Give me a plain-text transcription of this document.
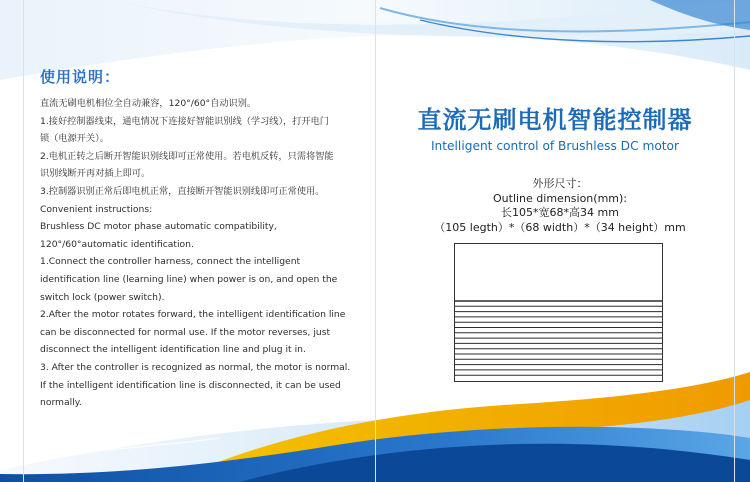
使用说明：
直流无刷电机相位全自动兼容，120°/60°自动识别。
1.接好控制器线束，通电情况下连接好智能识别线（学习线），打开电门
锁（电源开关）。
2.电机正转之后断开智能识别线即可正常使用。若电机反转，只需将智能
识别线断开再对插上即可。
3.控制器识别正常后即电机正常，直接断开智能识别线即可正常使用。
Convenient instructions:
Brushless DC motor phase automatic compatibility,
120°/60°automatic identification.
1.Connect the controller harness, connect the intelligent
identification line (learning line) when power is on, and open the
switch lock (power switch).
2.After the motor rotates forward, the intelligent identification line
can be disconnected for normal use. If the motor reverses, just
disconnect the intelligent identification line and plug it in.
3. After the controller is recognized as normal, the motor is normal.
If the intelligent identification line is disconnected, it can be used
normally.
直流无刷电机智能控制器
Intelligent control of Brushless DC motor
外形尺寸：
Outline dimension(mm):
长105*宽68*高34 mm
（105 legth）*（68 width）*（34 height）mm
